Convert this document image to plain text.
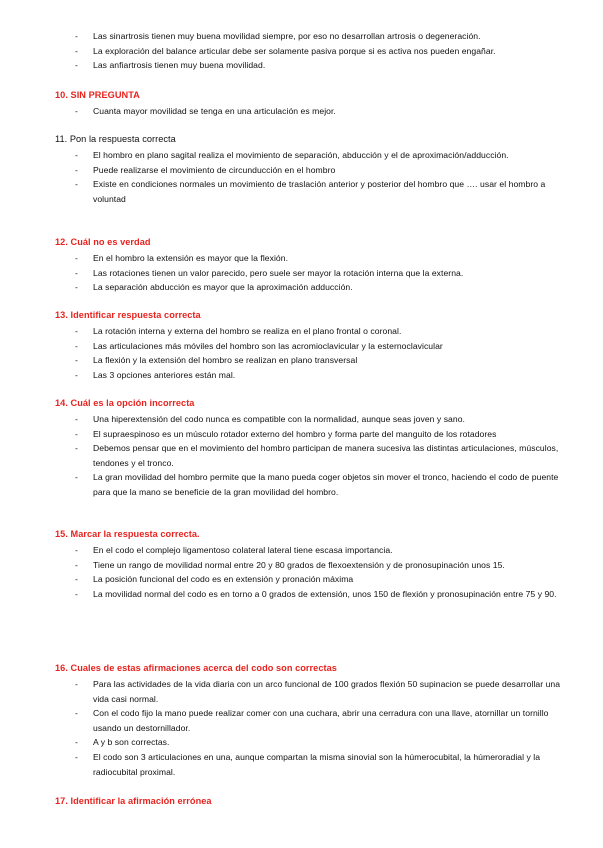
- Las sinartrosis tienen muy buena movilidad siempre, por eso no desarrollan artrosis o degeneración.
- La exploración del balance articular debe ser solamente pasiva porque si es activa nos pueden engañar.
- Las anfiartrosis tienen muy buena movilidad.
10. SIN PREGUNTA
- Cuanta mayor movilidad se tenga en una articulación es mejor.
11. Pon la respuesta correcta
- El hombro en plano sagital realiza el movimiento de separación, abducción y el de aproximación/adducción.
- Puede realizarse el movimiento de circunducción en el hombro
- Existe en condiciones normales un movimiento de traslación anterior y posterior del hombro que …. usar el hombro a voluntad
12. Cuál no es verdad
- En el hombro la extensión es mayor que la flexión.
- Las rotaciones tienen un valor parecido, pero suele ser mayor la rotación interna que la externa.
- La separación abducción es mayor que la aproximación adducción.
13. Identificar respuesta correcta
- La rotación interna y externa del hombro se realiza en el plano frontal o coronal.
- Las articulaciones más móviles del hombro son las acromioclavicular y la esternoclavicular
- La flexión y la extensión del hombro se realizan en plano transversal
- Las 3 opciones anteriores están mal.
14. Cuál es la opción incorrecta
- Una hiperextensión del codo nunca es compatible con la normalidad, aunque seas joven y sano.
- El supraespinoso es un músculo rotador externo del hombro y forma parte del manguito de los rotadores
- Debemos pensar que en el movimiento del hombro participan de manera sucesiva las distintas articulaciones, músculos, tendones y el tronco.
- La gran movilidad del hombro permite que la mano pueda coger objetos sin mover el tronco, haciendo el codo de puente para que la mano se beneficie de la gran movilidad del hombro.
15. Marcar la respuesta correcta.
- En el codo el complejo ligamentoso colateral lateral tiene escasa importancia.
- Tiene un rango de movilidad normal entre 20 y 80 grados de flexoextensión y de pronosupinación unos 15.
- La posición funcional del codo es en extensión y pronación máxima
- La movilidad normal del codo es en torno a 0 grados de extensión, unos 150 de flexión y pronosupinación entre 75 y 90.
16. Cuales de estas afirmaciones acerca del codo son correctas
- Para las actividades de la vida diaria con un arco funcional de 100 grados flexión 50 supinacion se puede desarrollar una vida casi normal.
- Con el codo fijo la mano puede realizar comer con una cuchara, abrir una cerradura con una llave, atornillar un tornillo usando un destornillador.
- A y b son correctas.
- El codo son 3 articulaciones en una, aunque compartan la misma sinovial son la húmerocubital, la húmeroradial y la radiocubital proximal.
17. Identificar la afirmación errónea
